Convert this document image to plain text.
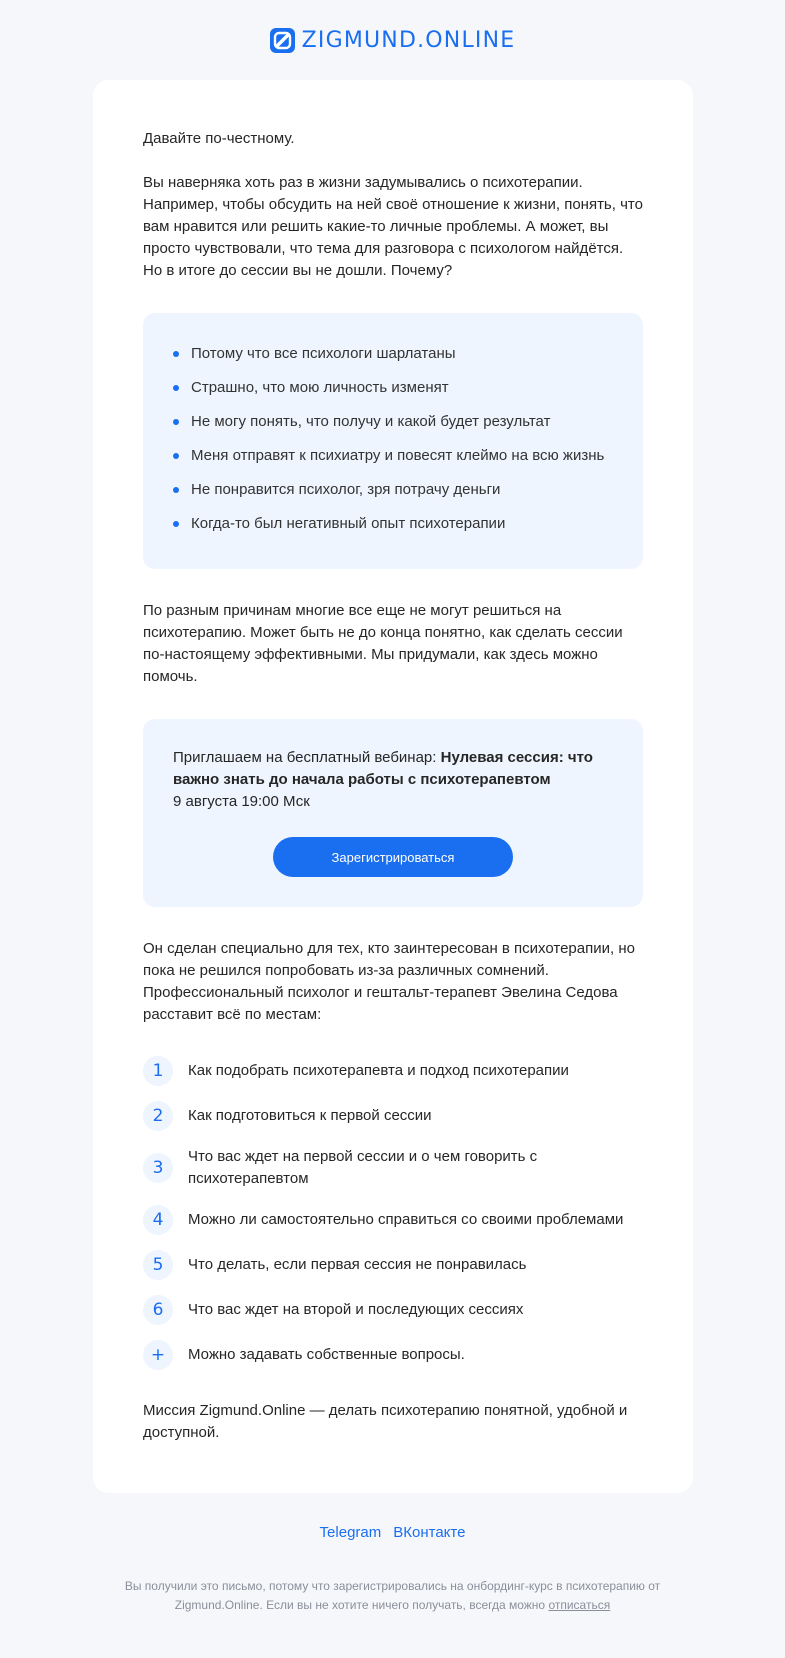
ZIGMUND.ONLINE

Давайте по-честному.

Вы наверняка хоть раз в жизни задумывались о психотерапии. Например, чтобы обсудить на ней своё отношение к жизни, понять, что вам нравится или решить какие-то личные проблемы. А может, вы просто чувствовали, что тема для разговора с психологом найдётся. Но в итоге до сессии вы не дошли. Почему?

Потому что все психологи шарлатаны
Страшно, что мою личность изменят
Не могу понять, что получу и какой будет результат
Меня отправят к психиатру и повесят клеймо на всю жизнь
Не понравится психолог, зря потрачу деньги
Когда-то был негативный опыт психотерапии

По разным причинам многие все еще не могут решиться на психотерапию. Может быть не до конца понятно, как сделать сессии по-настоящему эффективными. Мы придумали, как здесь можно помочь.

Приглашаем на бесплатный вебинар: Нулевая сессия: что важно знать до начала работы с психотерапевтом

9 августа 19:00 Мск

Зарегистрироваться

Он сделан специально для тех, кто заинтересован в психотерапии, но пока не решился попробовать из-за различных сомнений. Профессиональный психолог и гештальт-терапевт Эвелина Седова расставит всё по местам:

1	Как подобрать психотерапевта и подход психотерапии
2	Как подготовиться к первой сессии
3
Что вас ждет на первой сессии и о чем говорить с психотерапевтом
4	Можно ли самостоятельно справиться со своими проблемами
5	Что делать, если первая сессия не понравилась
6	Что вас ждет на второй и последующих сессиях
+	Можно задавать собственные вопросы.

Миссия Zigmund.Online — делать психотерапию понятной, удобной и доступной.

Telegram ВКонтакте
Вы получили это письмо, потому что зарегистрировались на онбординг-курс в психотерапию от Zigmund.Online. Если вы не хотите ничего получать, всегда можно отписаться
